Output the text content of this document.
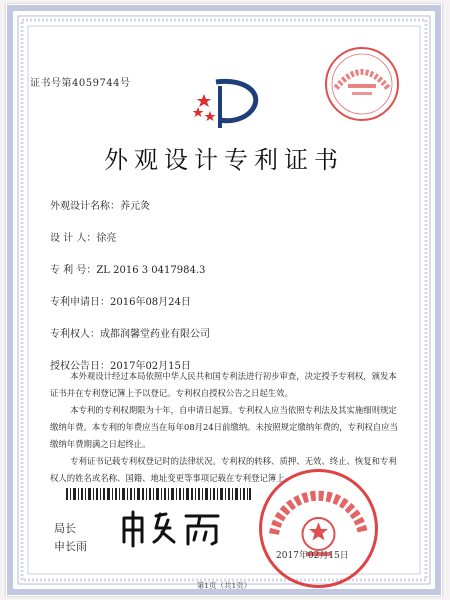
证书号第4059744号
外观设计专利证书
外观设计名称：养元灸
设 计 人：徐亮
专 利 号：ZL 2016 3 0417984.3
专利申请日：2016年08月24日
专利权人：成都润馨堂药业有限公司
授权公告日：2017年02月15日

本外观设计经过本局依照中华人民共和国专利法进行初步审查，决定授予专利权，颁发本证书并在专利登记簿上予以登记。专利权自授权公告之日起生效。

本专利的专利权期限为十年，自申请日起算。专利权人应当依照专利法及其实施细则规定缴纳年费。本专利的年费应当在每年08月24日前缴纳。未按照规定缴纳年费的，专利权自应当缴纳年费期满之日起终止。

专利证书记载专利权登记时的法律状况。专利权的转移、质押、无效、终止、恢复和专利权人的姓名或名称、国籍、地址变更等事项记载在专利登记簿上。

局长
申长雨
2017年02月15日
第1页（共1页）
